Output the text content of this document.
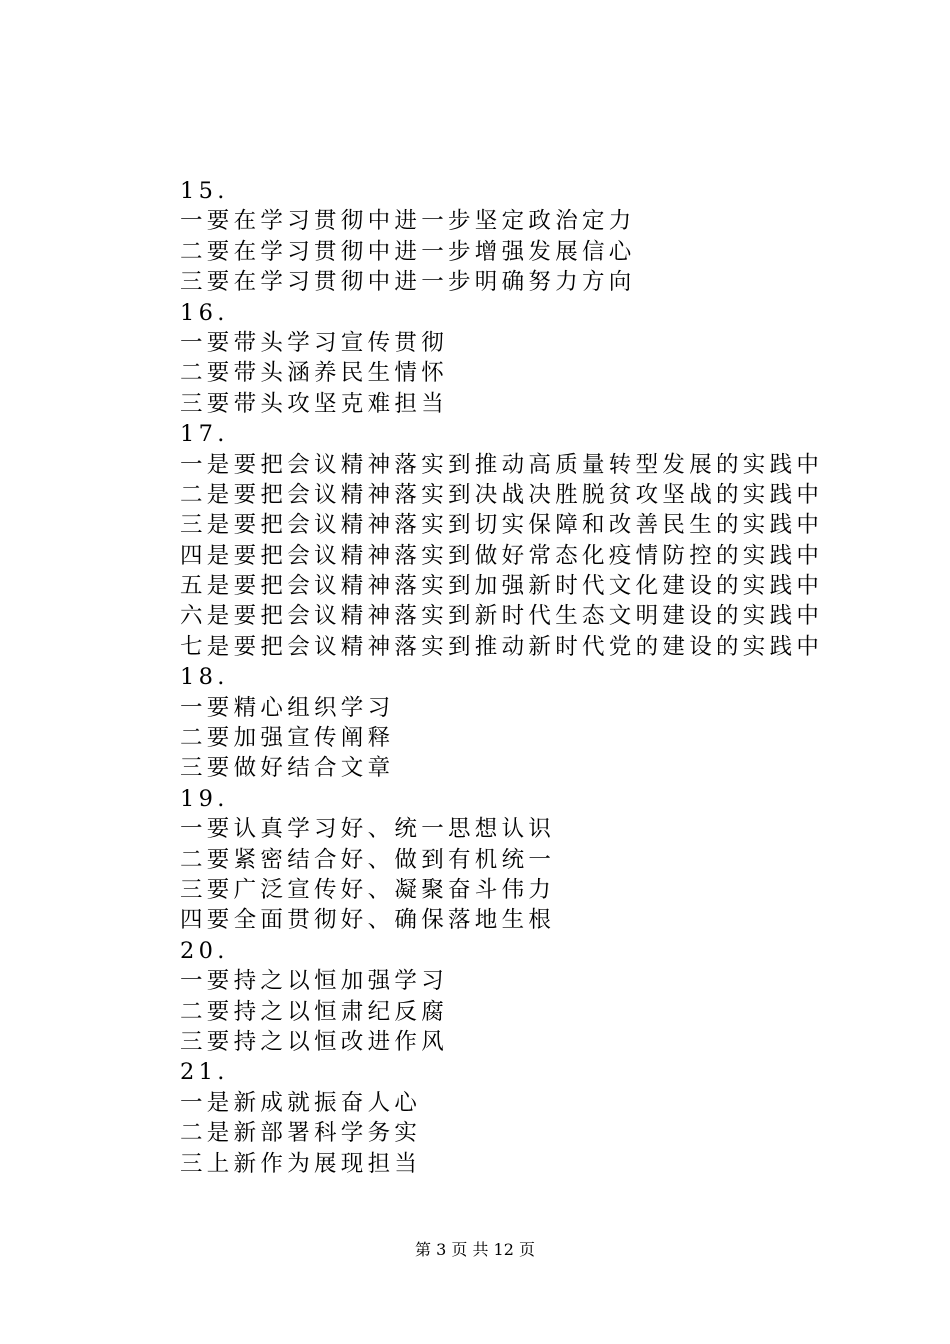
15.
一要在学习贯彻中进一步坚定政治定力
二要在学习贯彻中进一步增强发展信心
三要在学习贯彻中进一步明确努力方向
16.
一要带头学习宣传贯彻
二要带头涵养民生情怀
三要带头攻坚克难担当
17.
一是要把会议精神落实到推动高质量转型发展的实践中
二是要把会议精神落实到决战决胜脱贫攻坚战的实践中
三是要把会议精神落实到切实保障和改善民生的实践中
四是要把会议精神落实到做好常态化疫情防控的实践中
五是要把会议精神落实到加强新时代文化建设的实践中
六是要把会议精神落实到新时代生态文明建设的实践中
七是要把会议精神落实到推动新时代党的建设的实践中
18.
一要精心组织学习
二要加强宣传阐释
三要做好结合文章
19.
一要认真学习好、统一思想认识
二要紧密结合好、做到有机统一
三要广泛宣传好、凝聚奋斗伟力
四要全面贯彻好、确保落地生根
20.
一要持之以恒加强学习
二要持之以恒肃纪反腐
三要持之以恒改进作风
21.
一是新成就振奋人心
二是新部署科学务实
三上新作为展现担当
第 3 页 共 12 页
